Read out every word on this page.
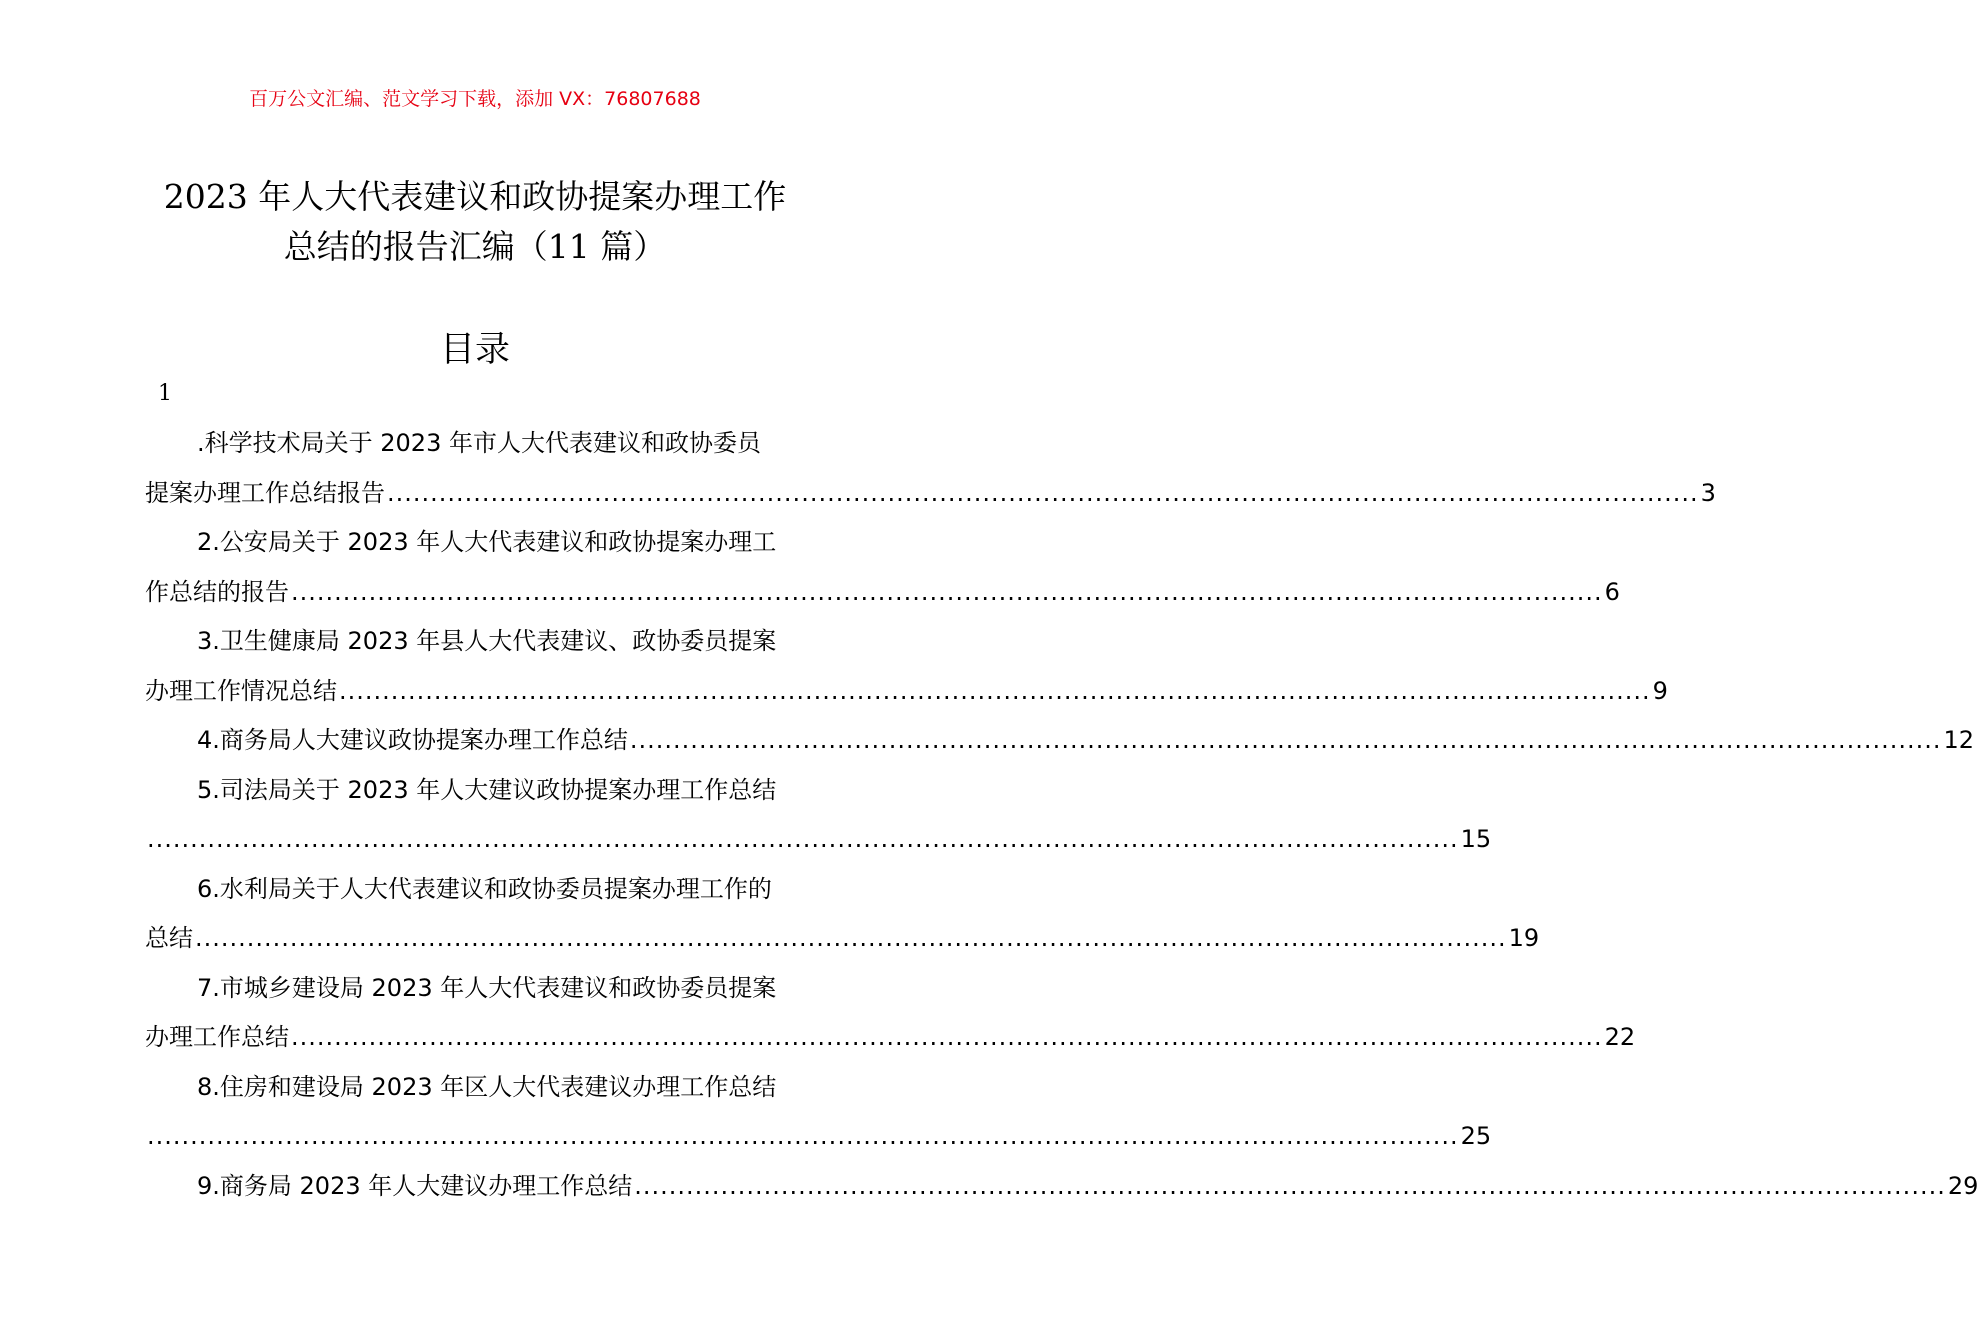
百万公文汇编、范文学习下载，添加 VX：76807688
2023 年人大代表建议和政协提案办理工作
总结的报告汇编（11 篇）
目录
1
.科学技术局关于 2023 年市人大代表建议和政协委员
提案办理工作总结报告 ........................................................................................................................................................ 3
2.公安局关于 2023 年人大代表建议和政协提案办理工
作总结的报告 ........................................................................................................................................................ 6
3.卫生健康局 2023 年县人大代表建议、政协委员提案
办理工作情况总结 ........................................................................................................................................................ 9
4.商务局人大建议政协提案办理工作总结 ........................................................................................................................................................ 12
5.司法局关于 2023 年人大建议政协提案办理工作总结
........................................................................................................................................................ 15
6.水利局关于人大代表建议和政协委员提案办理工作的
总结 ........................................................................................................................................................ 19
7.市城乡建设局 2023 年人大代表建议和政协委员提案
办理工作总结 ........................................................................................................................................................ 22
8.住房和建设局 2023 年区人大代表建议办理工作总结
........................................................................................................................................................ 25
9.商务局 2023 年人大建议办理工作总结 ........................................................................................................................................................ 29
